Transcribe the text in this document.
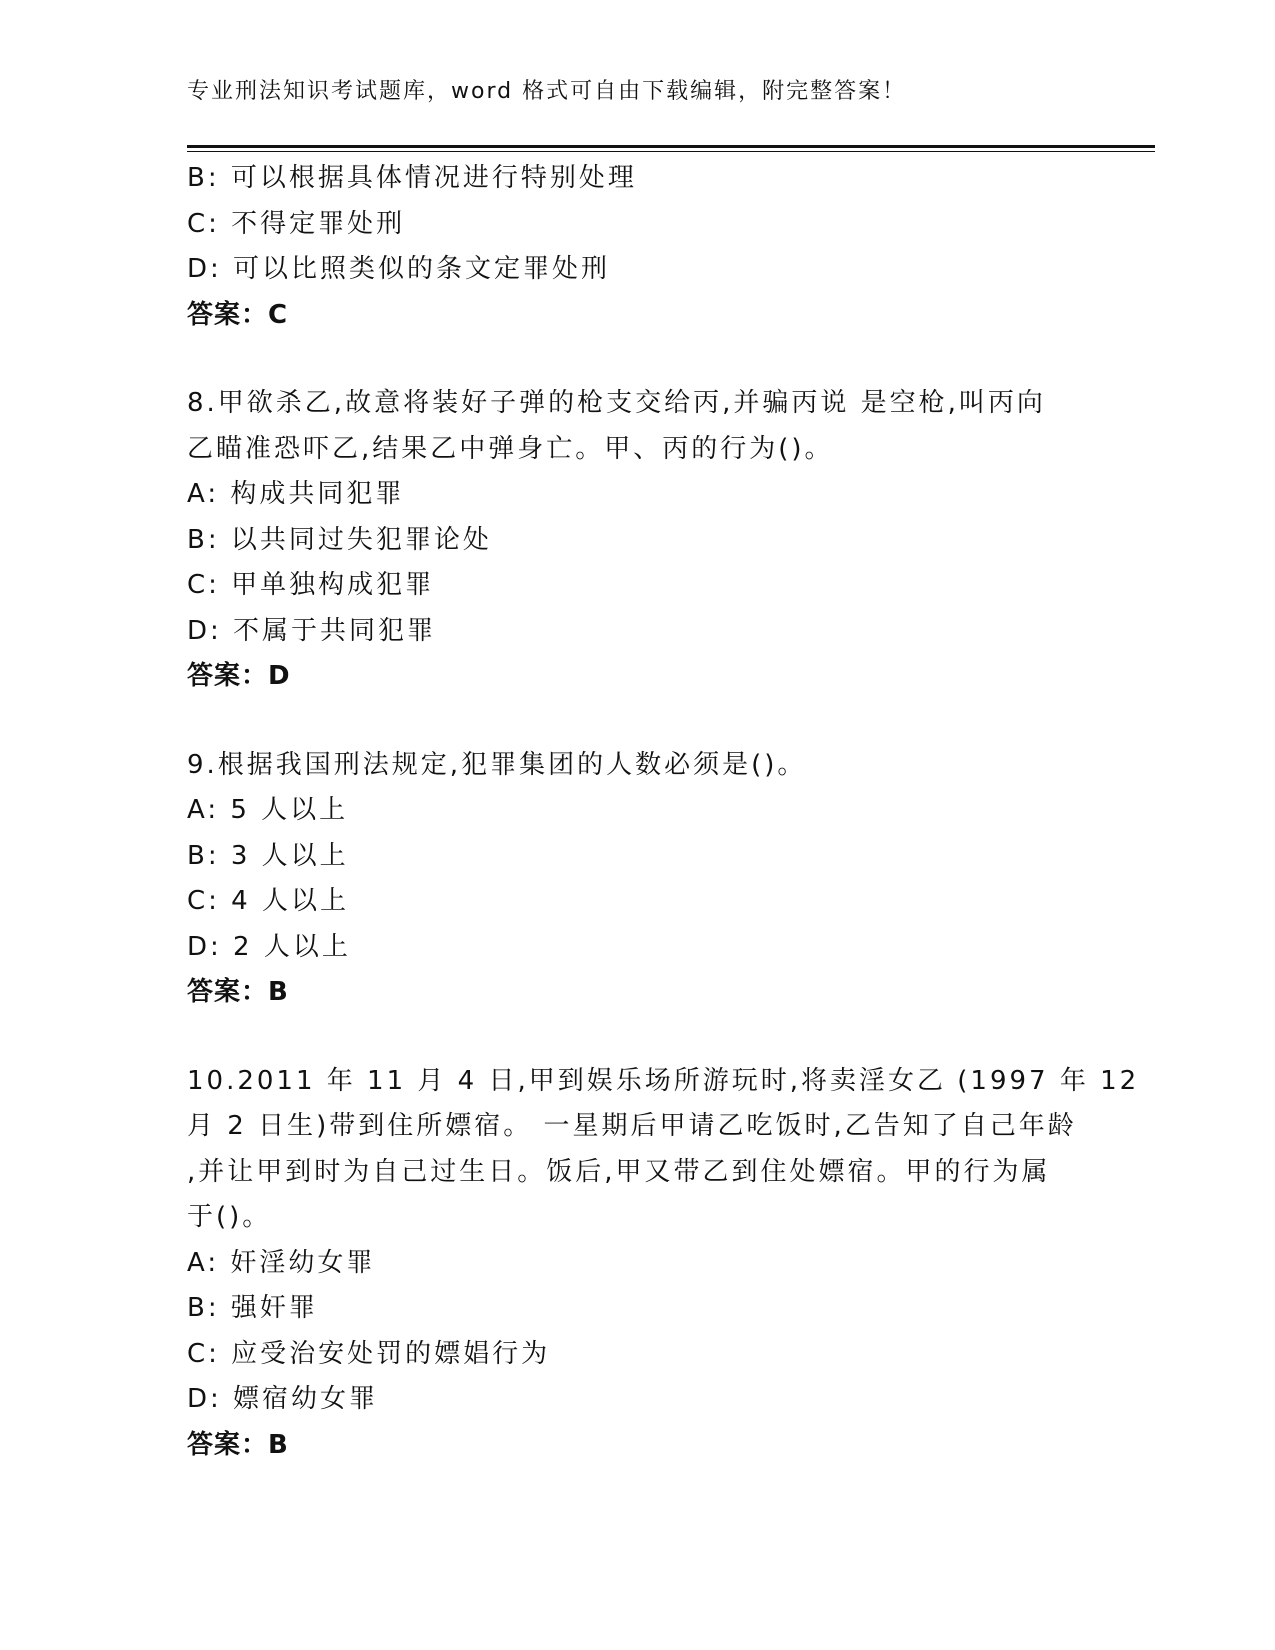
专业刑法知识考试题库，word 格式可自由下载编辑，附完整答案！
B: 可以根据具体情况进行特别处理
C: 不得定罪处刑
D: 可以比照类似的条文定罪处刑
答案：C
8.甲欲杀乙,故意将装好子弹的枪支交给丙,并骗丙说 是空枪,叫丙向
乙瞄准恐吓乙,结果乙中弹身亡。甲、丙的行为()。
A: 构成共同犯罪
B: 以共同过失犯罪论处
C: 甲单独构成犯罪
D: 不属于共同犯罪
答案：D
9.根据我国刑法规定,犯罪集团的人数必须是()。
A: 5 人以上
B: 3 人以上
C: 4 人以上
D: 2 人以上
答案：B
10.2011 年 11 月 4 日,甲到娱乐场所游玩时,将卖淫女乙 (1997 年 12
月 2 日生)带到住所嫖宿。 一星期后甲请乙吃饭时,乙告知了自己年龄
,并让甲到时为自己过生日。饭后,甲又带乙到住处嫖宿。甲的行为属
于()。
A: 奸淫幼女罪
B: 强奸罪
C: 应受治安处罚的嫖娼行为
D: 嫖宿幼女罪
答案：B
